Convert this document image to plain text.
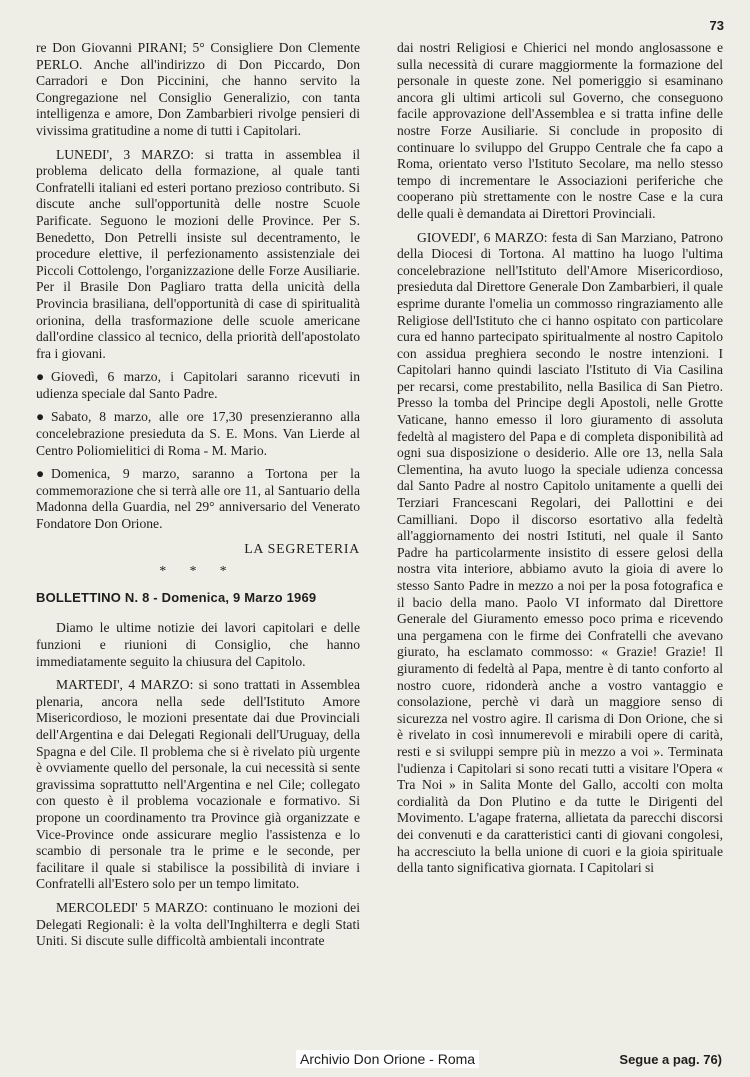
73

re Don Giovanni PIRANI; 5° Consigliere Don Clemente PERLO. Anche all'indirizzo di Don Piccardo, Don Carradori e Don Piccinini, che hanno servito la Congregazione nel Consiglio Generalizio, con tanta intelligenza e amore, Don Zambarbieri rivolge pensieri di vivissima gratitudine a nome di tutti i Capitolari.

LUNEDI', 3 MARZO: si tratta in assemblea il problema delicato della formazione, al quale tanti Confratelli italiani ed esteri portano prezioso contributo. Si discute anche sull'opportunità delle nostre Scuole Parificate. Seguono le mozioni delle Province. Per S. Benedetto, Don Petrelli insiste sul decentramento, le procedure elettive, il perfezionamento assistenziale dei Piccoli Cottolengo, l'organizzazione delle Forze Ausiliarie. Per il Brasile Don Pagliaro tratta della unicità della Provincia brasiliana, dell'opportunità di case di spiritualità orionina, della trasformazione delle scuole americane dall'ordine classico al tecnico, della priorità dell'apostolato fra i giovani.

● Giovedì, 6 marzo, i Capitolari saranno ricevuti in udienza speciale dal Santo Padre.

● Sabato, 8 marzo, alle ore 17,30 presenzieranno alla concelebrazione presieduta da S. E. Mons. Van Lierde al Centro Poliomielitici di Roma - M. Mario.

● Domenica, 9 marzo, saranno a Tortona per la commemorazione che si terrà alle ore 11, al Santuario della Madonna della Guardia, nel 29° anniversario del Venerato Fondatore Don Orione.

LA SEGRETERIA
* * *
BOLLETTINO N. 8 - Domenica, 9 Marzo 1969

Diamo le ultime notizie dei lavori capitolari e delle funzioni e riunioni di Consiglio, che hanno immediatamente seguito la chiusura del Capitolo.

MARTEDI', 4 MARZO: si sono trattati in Assemblea plenaria, ancora nella sede dell'Istituto Amore Misericordioso, le mozioni presentate dai due Provinciali dell'Argentina e dai Delegati Regionali dell'Uruguay, della Spagna e del Cile. Il problema che si è rivelato più urgente è ovviamente quello del personale, la cui necessità si sente gravissima soprattutto nell'Argentina e nel Cile; collegato con questo è il problema vocazionale e formativo. Si propone un coordinamento tra Province già organizzate e Vice-Province onde assicurare meglio l'assistenza e lo scambio di personale tra le prime e le seconde, per facilitare il quale si stabilisce la possibilità di inviare i Confratelli all'Estero solo per un tempo limitato.

MERCOLEDI' 5 MARZO: continuano le mozioni dei Delegati Regionali: è la volta dell'Inghilterra e degli Stati Uniti. Si discute sulle difficoltà ambientali incontrate

dai nostri Religiosi e Chierici nel mondo anglosassone e sulla necessità di curare maggiormente la formazione del personale in queste zone. Nel pomeriggio si esaminano ancora gli ultimi articoli sul Governo, che conseguono facile approvazione dell'Assemblea e si tratta infine delle nostre Forze Ausiliarie. Si conclude in proposito di continuare lo sviluppo del Gruppo Centrale che fa capo a Roma, orientato verso l'Istituto Secolare, ma nello stesso tempo di incrementare le Associazioni periferiche che cooperano più strettamente con le nostre Case e la cura delle quali è demandata ai Direttori Provinciali.

GIOVEDI', 6 MARZO: festa di San Marziano, Patrono della Diocesi di Tortona. Al mattino ha luogo l'ultima concelebrazione nell'Istituto dell'Amore Misericordioso, presieduta dal Direttore Generale Don Zambarbieri, il quale esprime durante l'omelia un commosso ringraziamento alle Religiose dell'Istituto che ci hanno ospitato con particolare cura ed hanno partecipato spiritualmente al nostro Capitolo con assidua preghiera secondo le nostre intenzioni. I Capitolari hanno quindi lasciato l'Istituto di Via Casilina per recarsi, come prestabilito, nella Basilica di San Pietro. Presso la tomba del Principe degli Apostoli, nelle Grotte Vaticane, hanno emesso il loro giuramento di assoluta fedeltà al magistero del Papa e di completa disponibilità ad ogni sua disposizione o desiderio. Alle ore 13, nella Sala Clementina, ha avuto luogo la speciale udienza concessa dal Santo Padre al nostro Capitolo unitamente a quelli dei Terziari Francescani Regolari, dei Pallottini e dei Camilliani. Dopo il discorso esortativo alla fedeltà all'aggiornamento dei nostri Istituti, nel quale il Santo Padre ha particolarmente insistito di essere gelosi della nostra vita interiore, abbiamo avuto la gioia di avere lo stesso Santo Padre in mezzo a noi per la posa fotografica e il bacio della mano. Paolo VI informato dal Direttore Generale del Giuramento emesso poco prima e ricevendo una pergamena con le firme dei Confratelli che avevano giurato, ha esclamato commosso: « Grazie! Grazie! Il giuramento di fedeltà al Papa, mentre è di tanto conforto al nostro cuore, ridonderà anche a vostro vantaggio e consolazione, perchè vi darà un maggiore senso di sicurezza nel vostro agire. Il carisma di Don Orione, che si è rivelato in così innumerevoli e mirabili opere di carità, resti e si sviluppi sempre più in mezzo a voi ». Terminata l'udienza i Capitolari si sono recati tutti a visitare l'Opera « Tra Noi » in Salita Monte del Gallo, accolti con molta cordialità da Don Plutino e da tutte le Dirigenti del Movimento. L'agape fraterna, allietata da parecchi discorsi dei convenuti e da caratteristici canti di giovani congolesi, ha accresciuto la bella unione di cuori e la gioia spirituale della tanto significativa giornata. I Capitolari si

Archivio Don Orione - Roma	Segue a pag. 76)
